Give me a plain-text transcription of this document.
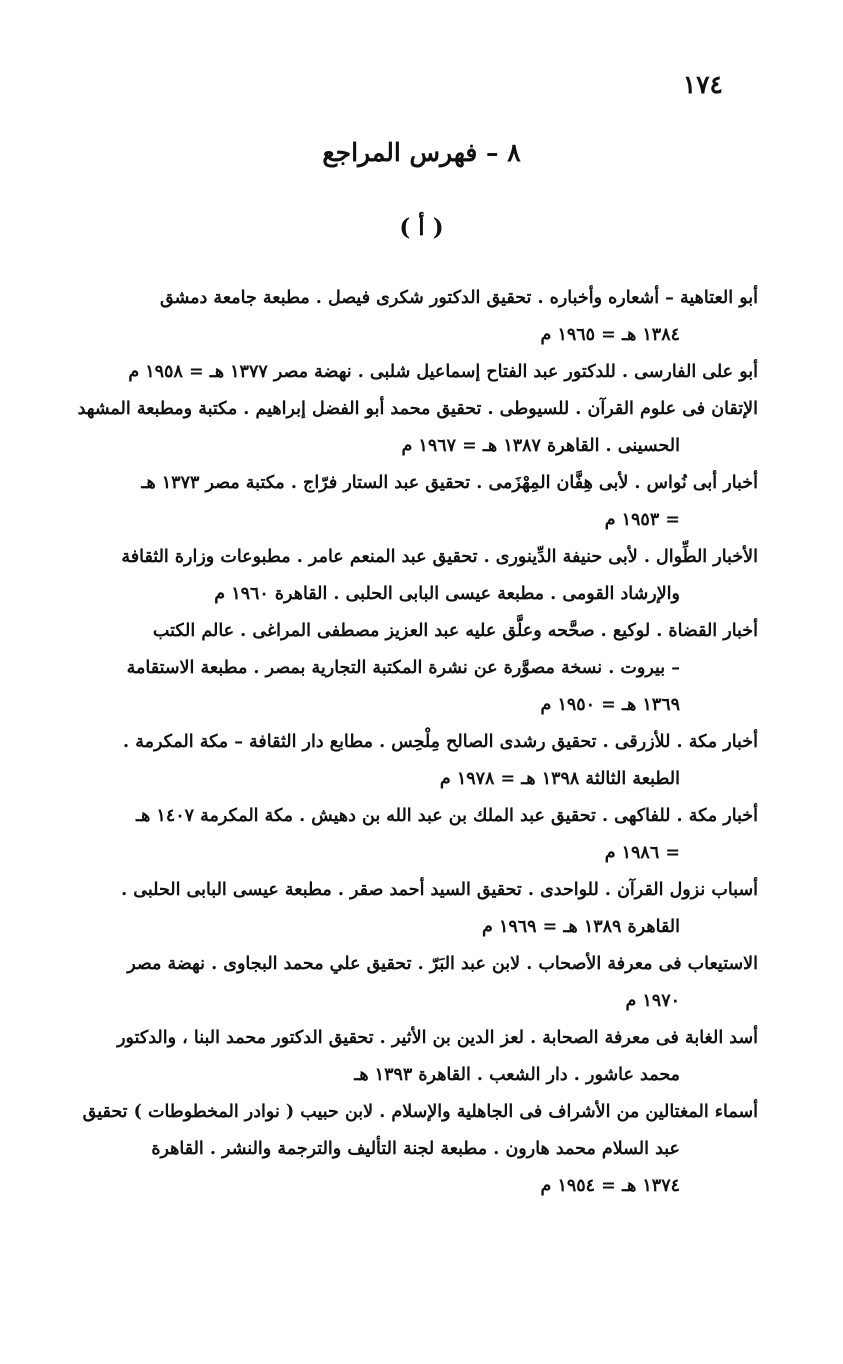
١٧٤
٨ – فهرس المراجع
( أ )
أبو العتاهية – أشعاره وأخباره . تحقيق الدكتور شكرى فيصل . مطبعة جامعة دمشق
١٣٨٤ هـ = ١٩٦٥ م
أبو على الفارسى . للدكتور عبد الفتاح إسماعيل شلبى . نهضة مصر ١٣٧٧ هـ = ١٩٥٨ م
الإتقان فى علوم القرآن . للسيوطى . تحقيق محمد أبو الفضل إبراهيم . مكتبة ومطبعة المشهد
الحسينى . القاهرة ١٣٨٧ هـ = ١٩٦٧ م
أخبار أبى نُواس . لأبى هِفَّان المِهْزَمى . تحقيق عبد الستار فرّاج . مكتبة مصر ١٣٧٣ هـ
= ١٩٥٣ م
الأخبار الطِّوال . لأبى حنيفة الدِّينورى . تحقيق عبد المنعم عامر . مطبوعات وزارة الثقافة
والإرشاد القومى . مطبعة عيسى البابى الحلبى . القاهرة ١٩٦٠ م
أخبار القضاة . لوكيع . صحَّحه وعلَّق عليه عبد العزيز مصطفى المراغى . عالم الكتب
– بيروت . نسخة مصوَّرة عن نشرة المكتبة التجارية بمصر . مطبعة الاستقامة
١٣٦٩ هـ = ١٩٥٠ م
أخبار مكة . للأزرقى . تحقيق رشدى الصالح مِلْحِس . مطابع دار الثقافة – مكة المكرمة .
الطبعة الثالثة ١٣٩٨ هـ = ١٩٧٨ م
أخبار مكة . للفاكهى . تحقيق عبد الملك بن عبد الله بن دهيش . مكة المكرمة ١٤٠٧ هـ
= ١٩٨٦ م
أسباب نزول القرآن . للواحدى . تحقيق السيد أحمد صقر . مطبعة عيسى البابى الحلبى .
القاهرة ١٣٨٩ هـ = ١٩٦٩ م
الاستيعاب فى معرفة الأصحاب . لابن عبد البَرّ . تحقيق علي محمد البجاوى . نهضة مصر
١٩٧٠ م
أسد الغابة فى معرفة الصحابة . لعز الدين بن الأثير . تحقيق الدكتور محمد البنا ، والدكتور
محمد عاشور . دار الشعب . القاهرة ١٣٩٣ هـ
أسماء المغتالين من الأشراف فى الجاهلية والإسلام . لابن حبيب ( نوادر المخطوطات ) تحقيق
عبد السلام محمد هارون . مطبعة لجنة التأليف والترجمة والنشر . القاهرة
١٣٧٤ هـ = ١٩٥٤ م
